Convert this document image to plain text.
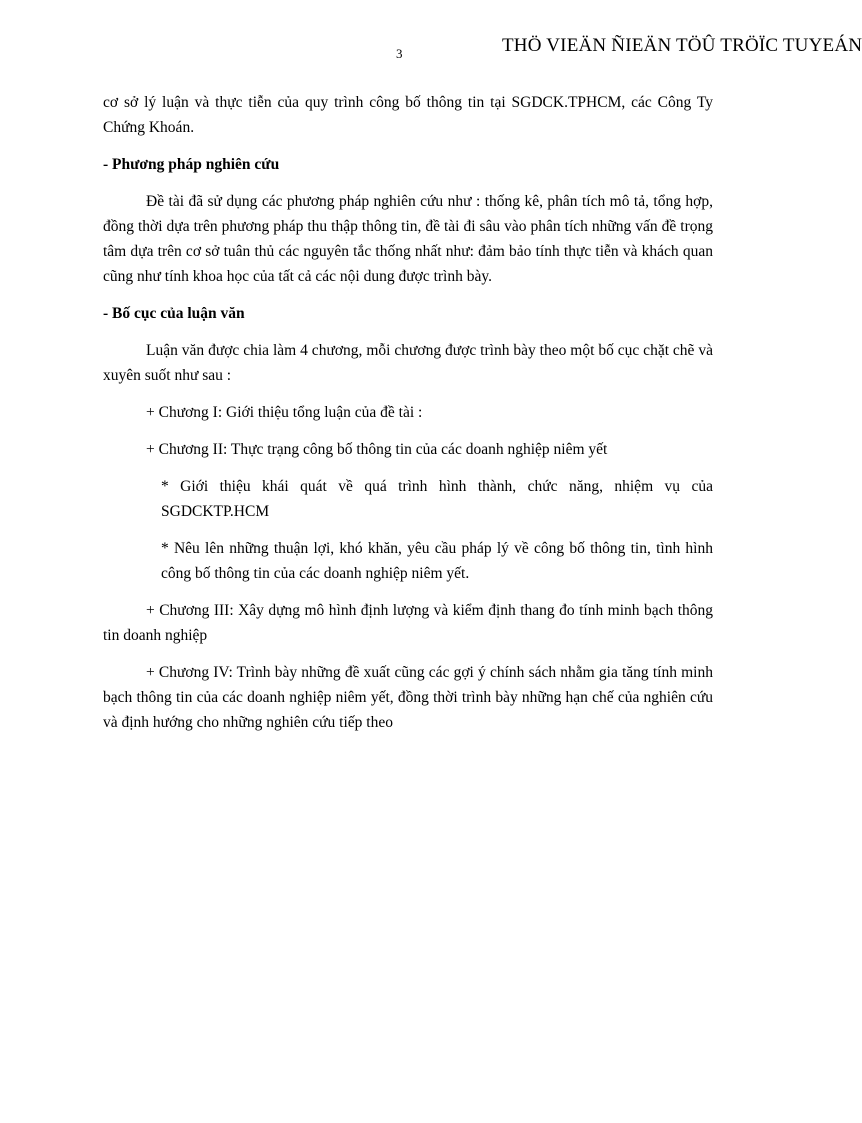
3	THÖ VIEÄN ÑIEÄN TÖÛ TRÖÏC TUYEÁN

cơ sở lý luận và thực tiễn của quy trình công bố thông tin tại SGDCK.TPHCM, các Công Ty Chứng Khoán.

- Phương pháp nghiên cứu

Đề tài đã sử dụng các phương pháp nghiên cứu như : thống kê, phân tích mô tả, tổng hợp, đồng thời dựa trên phương pháp thu thập thông tin, đề tài đi sâu vào phân tích những vấn đề trọng tâm dựa trên cơ sở tuân thủ các nguyên tắc thống nhất như: đảm bảo tính thực tiễn và khách quan cũng như tính khoa học của tất cả các nội dung được trình bày.

- Bố cục của luận văn

Luận văn được chia làm 4 chương, mỗi chương được trình bày theo một bố cục chặt chẽ và xuyên suốt như sau :

+ Chương I: Giới thiệu tổng luận của đề tài :

+ Chương II: Thực trạng công bố thông tin của các doanh nghiệp niêm yết

* Giới thiệu khái quát về quá trình hình thành, chức năng, nhiệm vụ của SGDCKTP.HCM

* Nêu lên những thuận lợi, khó khăn, yêu cầu pháp lý về công bố thông tin, tình hình công bố thông tin của các doanh nghiệp niêm yết.

+ Chương III: Xây dựng mô hình định lượng và kiểm định thang đo tính minh bạch thông tin doanh nghiệp

+ Chương IV: Trình bày những đề xuất cũng các gợi ý chính sách nhằm gia tăng tính minh bạch thông tin của các doanh nghiệp niêm yết, đồng thời trình bày những hạn chế của nghiên cứu và định hướng cho những nghiên cứu tiếp theo
